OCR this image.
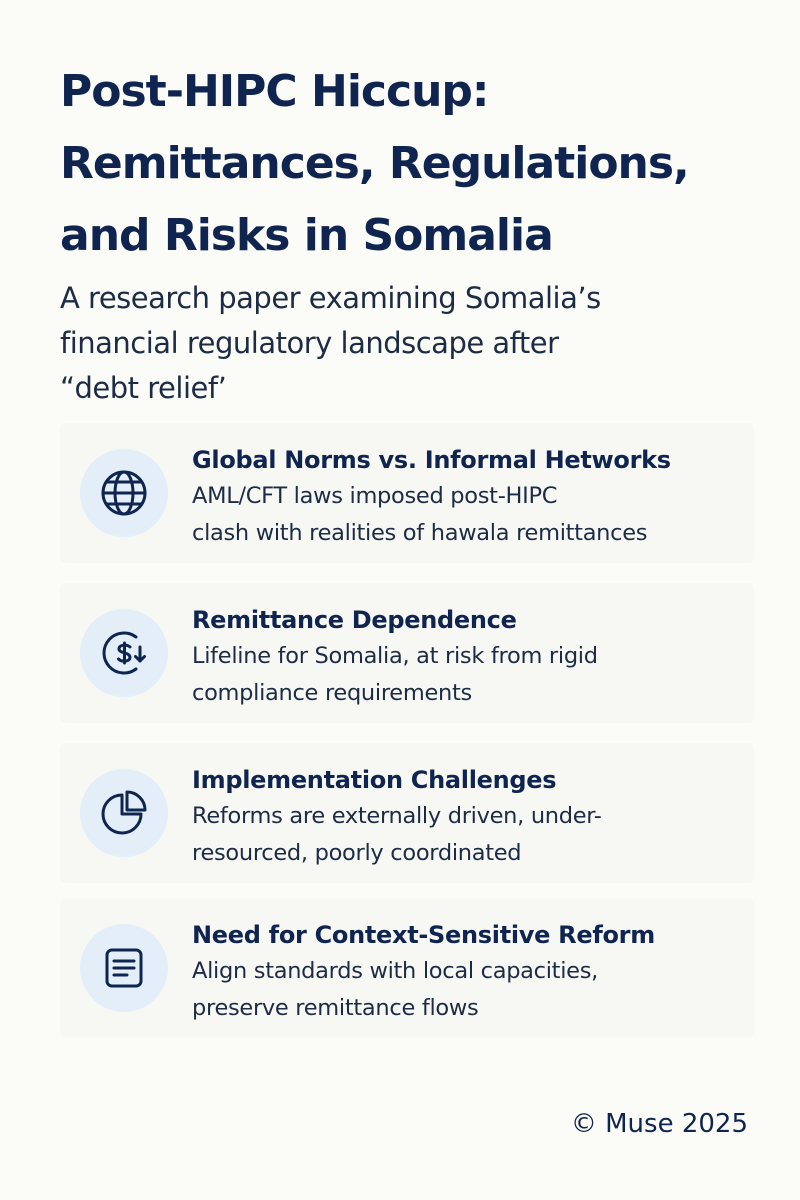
Post-HIPC Hiccup:
Remittances, Regulations,
and Risks in Somalia
A research paper examining Somalia’s
financial regulatory landscape after
“debt relief’
Global Norms vs. Informal Hetworks
AML/CFT laws imposed post-HIPC
clash with realities of hawala remittances
Remittance Dependence
Lifeline for Somalia, at risk from rigid
compliance requirements
Implementation Challenges
Reforms are externally driven, under-
resourced, poorly coordinated
Need for Context-Sensitive Reform
Align standards with local capacities,
preserve remittance flows
© Muse 2025
